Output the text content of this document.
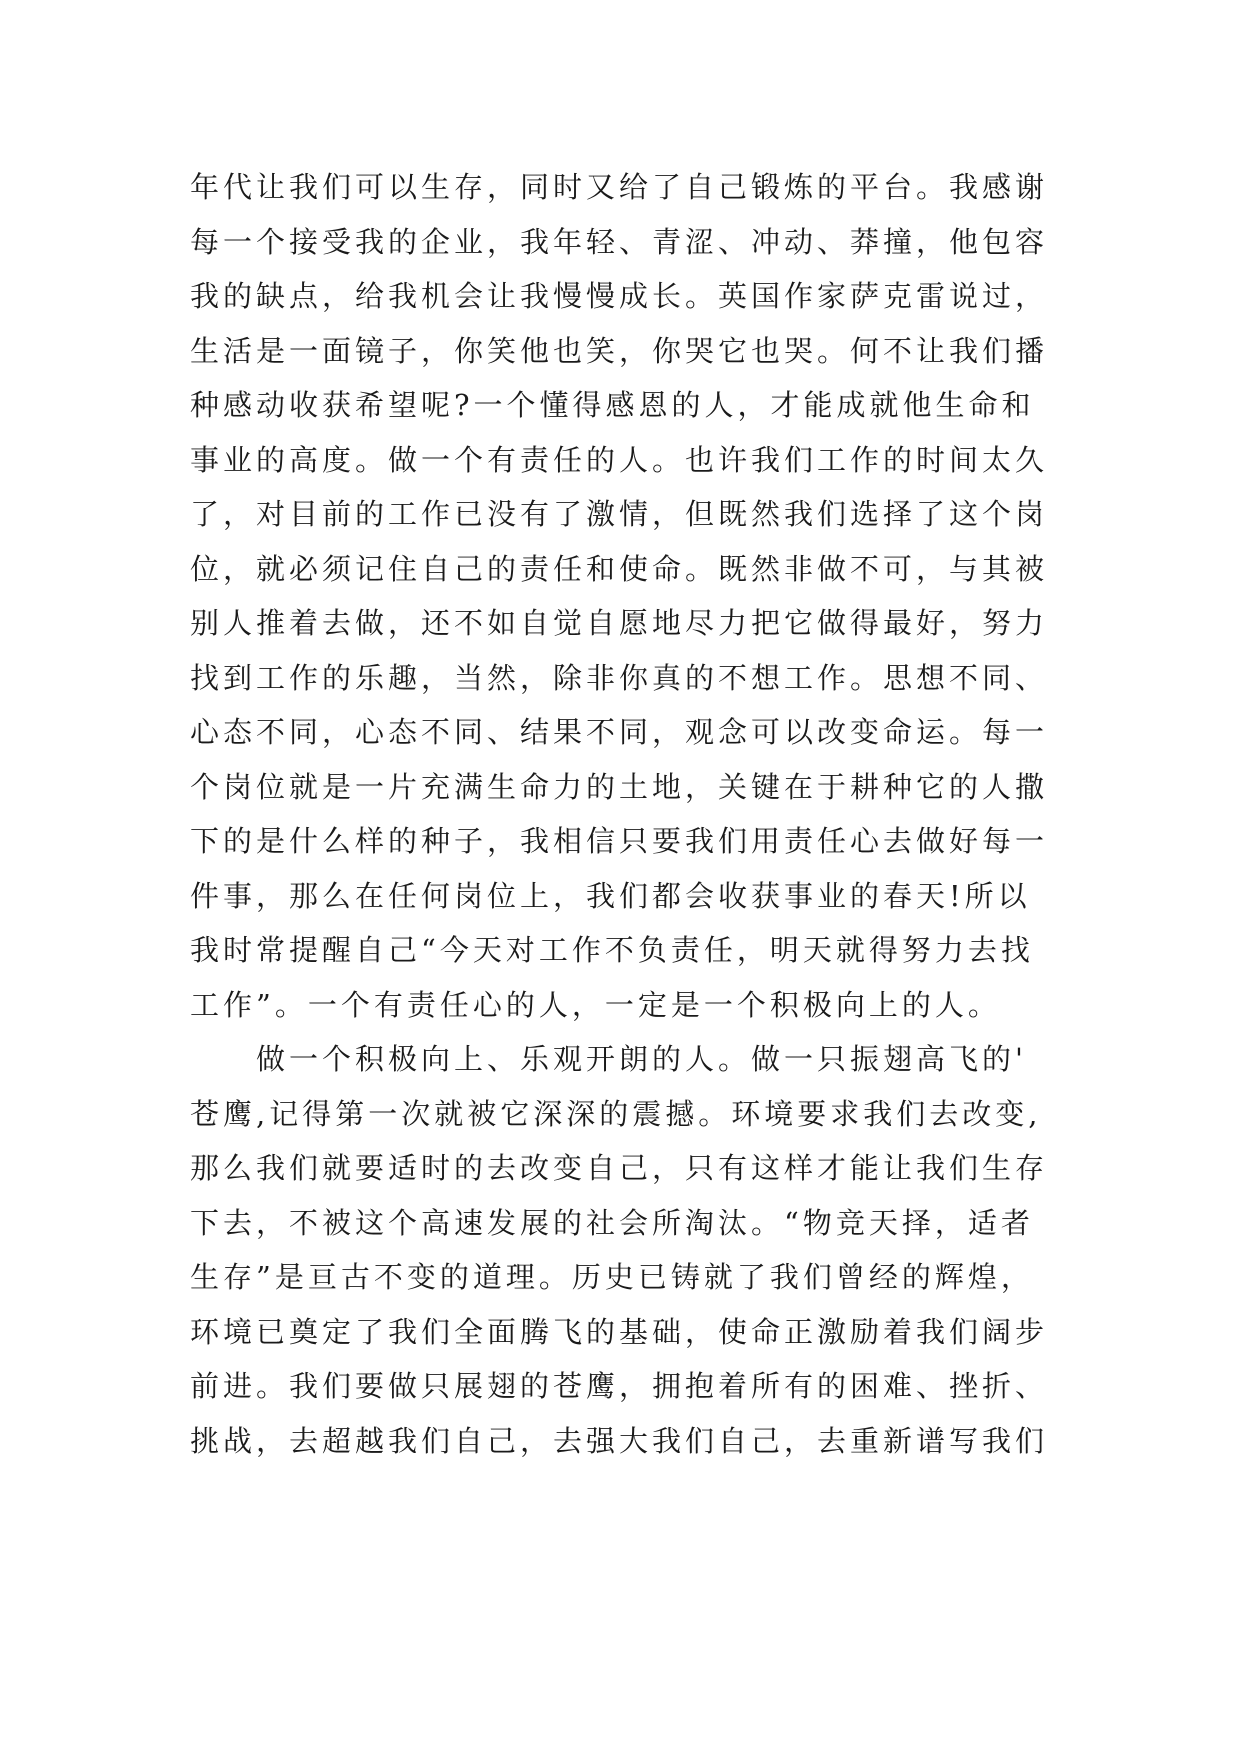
年代让我们可以生存，同时又给了自己锻炼的平台。我感谢
每一个接受我的企业，我年轻、青涩、冲动、莽撞，他包容
我的缺点，给我机会让我慢慢成长。英国作家萨克雷说过，
生活是一面镜子，你笑他也笑，你哭它也哭。何不让我们播
种感动收获希望呢?一个懂得感恩的人，才能成就他生命和
事业的高度。做一个有责任的人。也许我们工作的时间太久
了，对目前的工作已没有了激情，但既然我们选择了这个岗
位，就必须记住自己的责任和使命。既然非做不可，与其被
别人推着去做，还不如自觉自愿地尽力把它做得最好，努力
找到工作的乐趣，当然，除非你真的不想工作。思想不同、
心态不同，心态不同、结果不同，观念可以改变命运。每一
个岗位就是一片充满生命力的土地，关键在于耕种它的人撒
下的是什么样的种子，我相信只要我们用责任心去做好每一
件事，那么在任何岗位上，我们都会收获事业的春天!所以
我时常提醒自己“今天对工作不负责任，明天就得努力去找
工作”。一个有责任心的人，一定是一个积极向上的人。
做一个积极向上、乐观开朗的人。做一只振翅高飞的'
苍鹰,记得第一次就被它深深的震撼。环境要求我们去改变,
那么我们就要适时的去改变自己，只有这样才能让我们生存
下去，不被这个高速发展的社会所淘汰。“物竞天择，适者
生存”是亘古不变的道理。历史已铸就了我们曾经的辉煌，
环境已奠定了我们全面腾飞的基础，使命正激励着我们阔步
前进。我们要做只展翅的苍鹰，拥抱着所有的困难、挫折、
挑战，去超越我们自己，去强大我们自己，去重新谱写我们
